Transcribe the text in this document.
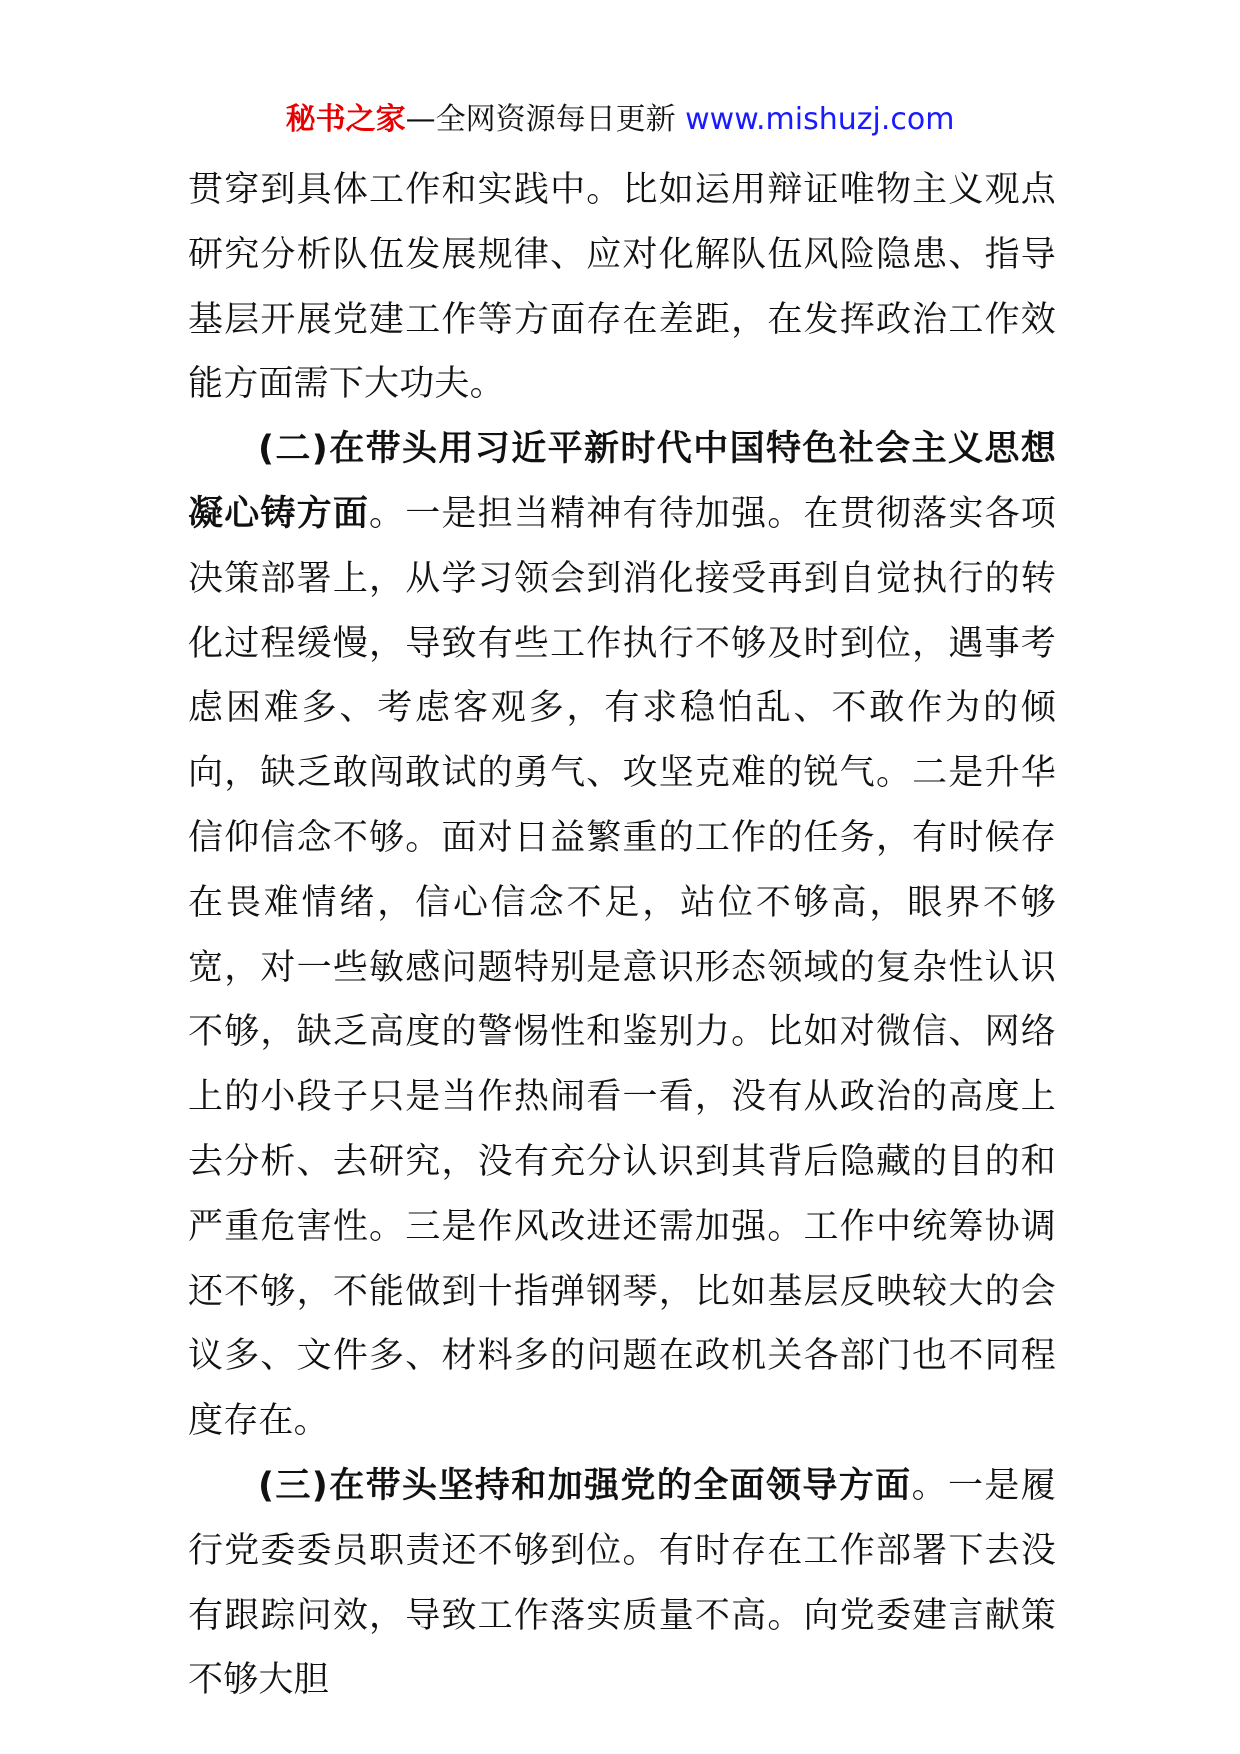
秘书之家—全网资源每日更新 www.mishuzj.com

贯穿到具体工作和实践中。比如运用辩证唯物主义观点研究分析队伍发展规律、应对化解队伍风险隐患、指导基层开展党建工作等方面存在差距，在发挥政治工作效能方面需下大功夫。

(二)在带头用习近平新时代中国特色社会主义思想凝心铸方面。一是担当精神有待加强。在贯彻落实各项决策部署上，从学习领会到消化接受再到自觉执行的转化过程缓慢，导致有些工作执行不够及时到位，遇事考虑困难多、考虑客观多，有求稳怕乱、不敢作为的倾向，缺乏敢闯敢试的勇气、攻坚克难的锐气。二是升华信仰信念不够。面对日益繁重的工作的任务，有时候存在畏难情绪，信心信念不足，站位不够高，眼界不够宽，对一些敏感问题特别是意识形态领域的复杂性认识不够，缺乏高度的警惕性和鉴别力。比如对微信、网络上的小段子只是当作热闹看一看，没有从政治的高度上去分析、去研究，没有充分认识到其背后隐藏的目的和严重危害性。三是作风改进还需加强。工作中统筹协调还不够，不能做到十指弹钢琴，比如基层反映较大的会议多、文件多、材料多的问题在政机关各部门也不同程度存在。

(三)在带头坚持和加强党的全面领导方面。一是履行党委委员职责还不够到位。有时存在工作部署下去没有跟踪问效，导致工作落实质量不高。向党委建言献策不够大胆
